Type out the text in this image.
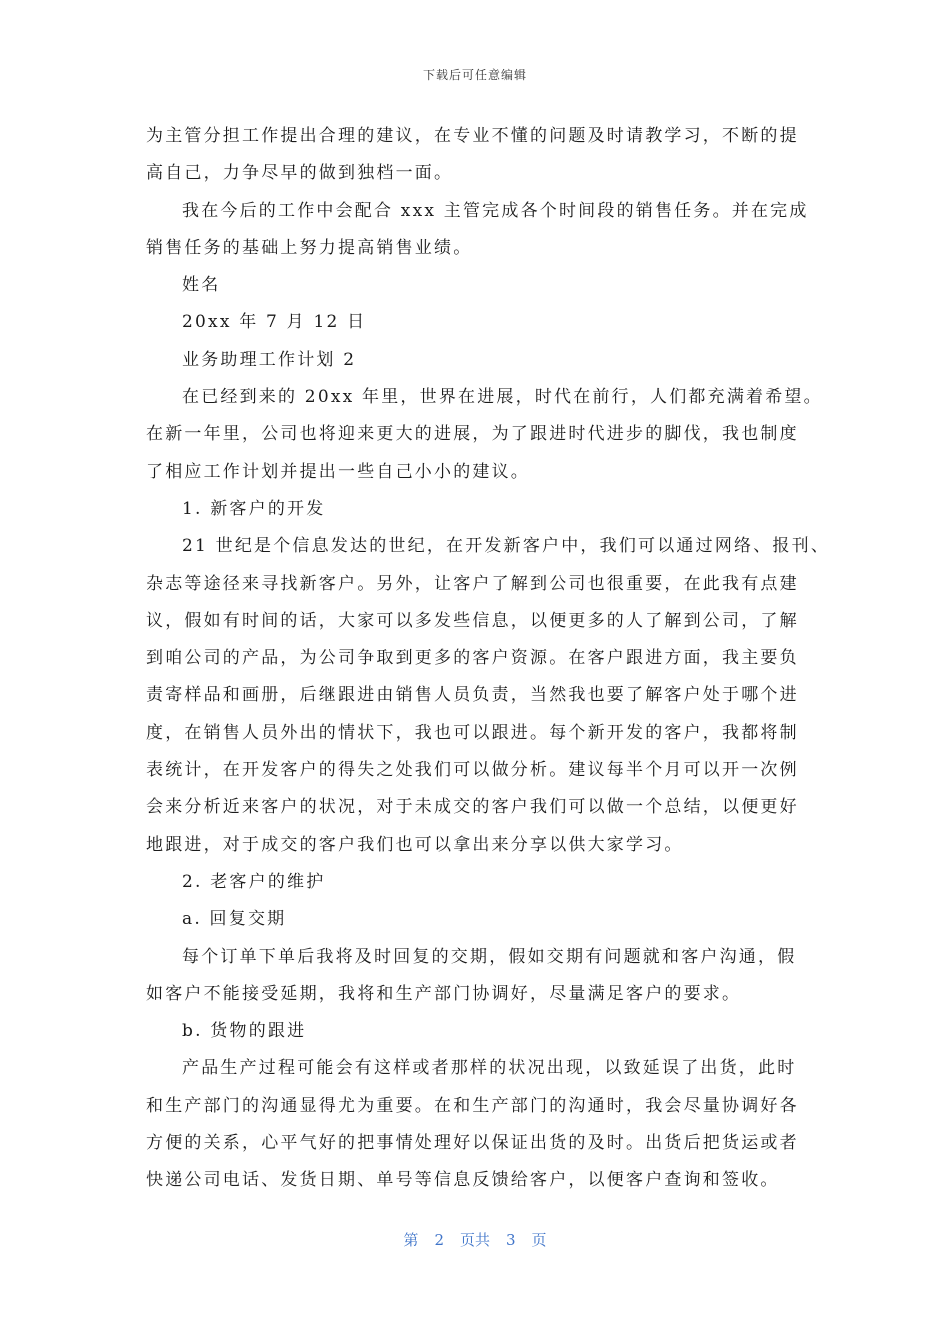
下载后可任意编辑
为主管分担工作提出合理的建议，在专业不懂的问题及时请教学习，不断的提
高自己，力争尽早的做到独档一面。
我在今后的工作中会配合 xxx 主管完成各个时间段的销售任务。并在完成
销售任务的基础上努力提高销售业绩。
姓名
20xx 年 7 月 12 日
业务助理工作计划 2
在已经到来的 20xx 年里，世界在进展，时代在前行，人们都充满着希望。
在新一年里，公司也将迎来更大的进展，为了跟进时代进步的脚伐，我也制度
了相应工作计划并提出一些自己小小的建议。
1. 新客户的开发
21 世纪是个信息发达的世纪，在开发新客户中，我们可以通过网络、报刊、
杂志等途径来寻找新客户。另外，让客户了解到公司也很重要，在此我有点建
议，假如有时间的话，大家可以多发些信息，以便更多的人了解到公司，了解
到咱公司的产品，为公司争取到更多的客户资源。在客户跟进方面，我主要负
责寄样品和画册，后继跟进由销售人员负责，当然我也要了解客户处于哪个进
度，在销售人员外出的情状下，我也可以跟进。每个新开发的客户，我都将制
表统计，在开发客户的得失之处我们可以做分析。建议每半个月可以开一次例
会来分析近来客户的状况，对于未成交的客户我们可以做一个总结，以便更好
地跟进，对于成交的客户我们也可以拿出来分享以供大家学习。
2. 老客户的维护
a. 回复交期
每个订单下单后我将及时回复的交期，假如交期有问题就和客户沟通，假
如客户不能接受延期，我将和生产部门协调好，尽量满足客户的要求。
b. 货物的跟进
产品生产过程可能会有这样或者那样的状况出现，以致延误了出货，此时
和生产部门的沟通显得尤为重要。在和生产部门的沟通时，我会尽量协调好各
方便的关系，心平气好的把事情处理好以保证出货的及时。出货后把货运或者
快递公司电话、发货日期、单号等信息反馈给客户，以便客户查询和签收。
第 2 页共 3 页
